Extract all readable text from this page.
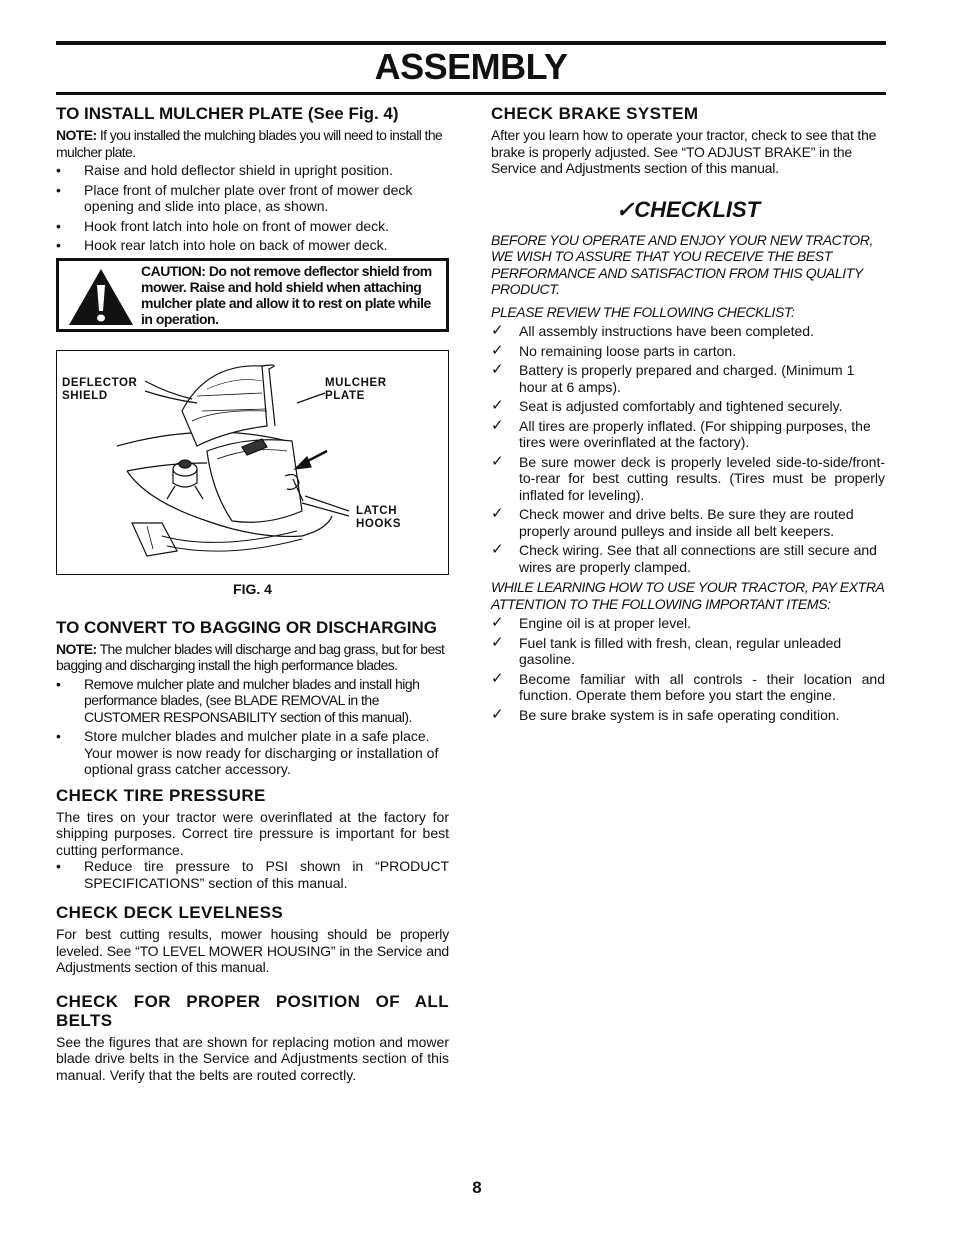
ASSEMBLY
TO INSTALL MULCHER PLATE (See Fig. 4)

NOTE: If you installed the mulching blades you will need to install the mulcher plate.

• Raise and hold deflector shield in upright position.
• Place front of mulcher plate over front of mower deck opening and slide into place, as shown.
• Hook front latch into hole on front of mower deck.
• Hook rear latch into hole on back of mower deck.
CAUTION: Do not remove deflector shield from mower. Raise and hold shield when attaching mulcher plate and allow it to rest on plate while in operation.
DEFLECTOR SHIELD
MULCHER PLATE
LATCH HOOKS
FIG. 4
TO CONVERT TO BAGGING OR DISCHARGING

NOTE: The mulcher blades will discharge and bag grass, but for best bagging and discharging install the high performance blades.

• Remove mulcher plate and mulcher blades and install high performance blades, (see BLADE REMOVAL in the CUSTOMER RESPONSABILITY section of this manual).
• Store mulcher blades and mulcher plate in a safe place. Your mower is now ready for discharging or installation of optional grass catcher accessory.
CHECK TIRE PRESSURE

The tires on your tractor were overinflated at the factory for shipping purposes. Correct tire pressure is important for best cutting performance.

• Reduce tire pressure to PSI shown in “PRODUCT SPECIFICATIONS” section of this manual.
CHECK DECK LEVELNESS

For best cutting results, mower housing should be properly leveled. See “TO LEVEL MOWER HOUSING” in the Service and Adjustments section of this manual.

CHECK FOR PROPER POSITION OF ALL BELTS

See the figures that are shown for replacing motion and mower blade drive belts in the Service and Adjustments section of this manual. Verify that the belts are routed correctly.

CHECK BRAKE SYSTEM

After you learn how to operate your tractor, check to see that the brake is properly adjusted. See “TO ADJUST BRAKE” in the Service and Adjustments section of this manual.

✓CHECKLIST

BEFORE YOU OPERATE AND ENJOY YOUR NEW TRACTOR, WE WISH TO ASSURE THAT YOU RECEIVE THE BEST PERFORMANCE AND SATISFACTION FROM THIS QUALITY PRODUCT.

PLEASE REVIEW THE FOLLOWING CHECKLIST:

✓ All assembly instructions have been completed.
✓ No remaining loose parts in carton.
✓ Battery is properly prepared and charged. (Minimum 1 hour at 6 amps).
✓ Seat is adjusted comfortably and tightened securely.
✓ All tires are properly inflated. (For shipping purposes, the tires were overinflated at the factory).
✓ Be sure mower deck is properly leveled side-to-side/front-to-rear for best cutting results. (Tires must be properly inflated for leveling).
✓ Check mower and drive belts. Be sure they are routed properly around pulleys and inside all belt keepers.
✓ Check wiring. See that all connections are still secure and wires are properly clamped.

WHILE LEARNING HOW TO USE YOUR TRACTOR, PAY EXTRA ATTENTION TO THE FOLLOWING IMPORTANT ITEMS:

✓ Engine oil is at proper level.
✓ Fuel tank is filled with fresh, clean, regular unleaded gasoline.
✓ Become familiar with all controls - their location and function. Operate them before you start the engine.
✓ Be sure brake system is in safe operating condition.
8
